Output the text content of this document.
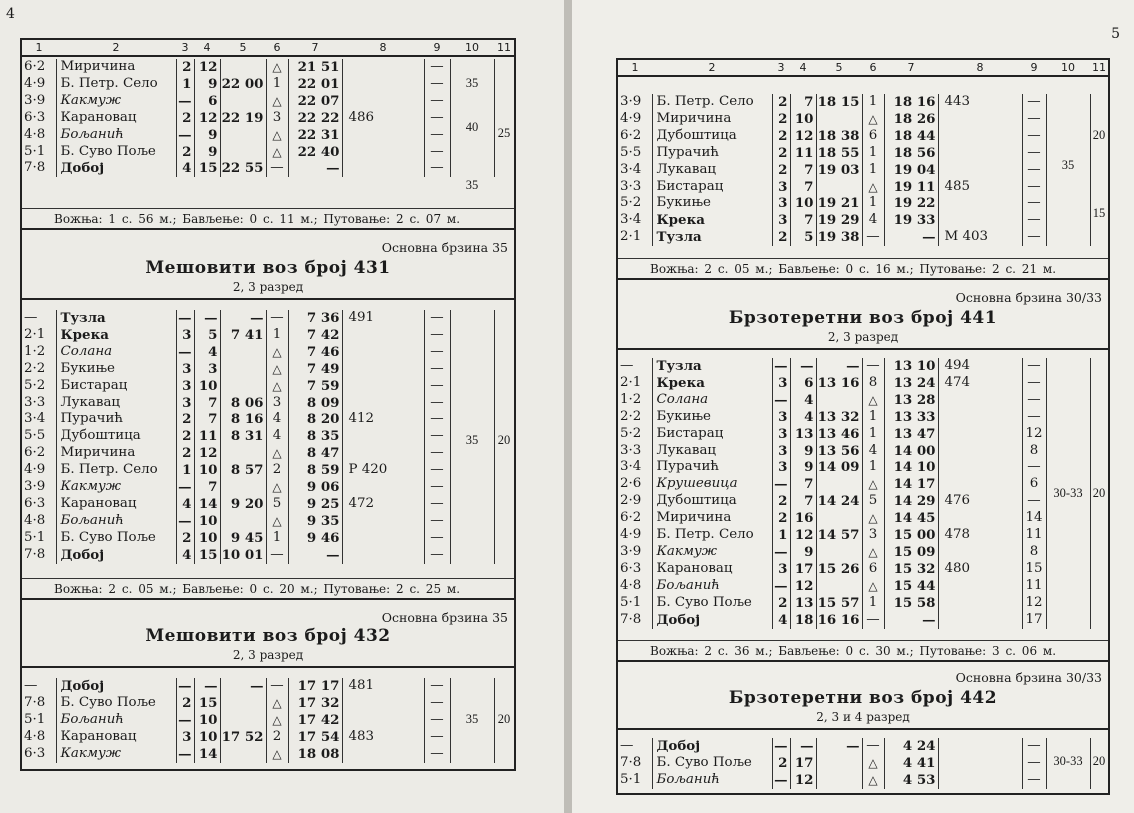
4
1	2	3	4	5	6	7	8	9	10	11
6·2	Миричина	2	12		△	21 51		—		
4·9	Б. Петр. Село	1	9	22 00	1	22 01		—		
3·9	Какмуж	—	6		△	22 07		—		
6·3	Карановац	2	12	22 19	3	22 22	486	—		
4·8	Бољанић	—	9		△	22 31		—		
5·1	Б. Суво Поље	2	9		△	22 40		—		
7·8	Добој	4	15	22 55	—	—		—		
35
40
35
25
Вожња: 1 с. 56 м.; Бављење: 0 с. 11 м.; Путовање: 2 с. 07 м.
Основна брзина 35
Мешовити воз број 431
2, 3 разред
—	Тузла	—	—	—	—	7 36	491	—		
2·1	Крека	3	5	7 41	1	7 42		—		
1·2	Солана	—	4		△	7 46		—		
2·2	Букиње	3	3		△	7 49		—		
5·2	Бистарац	3	10		△	7 59		—		
3·3	Лукавац	3	7	8 06	3	8 09		—		
3·4	Пурачић	2	7	8 16	4	8 20	412	—		
5·5	Дубоштица	2	11	8 31	4	8 35		—		
6·2	Миричина	2	12		△	8 47		—		
4·9	Б. Петр. Село	1	10	8 57	2	8 59	P 420	—		
3·9	Какмуж	—	7		△	9 06		—		
6·3	Карановац	4	14	9 20	5	9 25	472	—		
4·8	Бољанић	—	10		△	9 35		—		
5·1	Б. Суво Поље	2	10	9 45	1	9 46		—		
7·8	Добој	4	15	10 01	—	—		—		
35	20
Вожња: 2 с. 05 м.; Бављење: 0 с. 20 м.; Путовање: 2 с. 25 м.
Основна брзина 35
Мешовити воз број 432
2, 3 разред
—	Добој	—	—	—	—	17 17	481	—		
7·8	Б. Суво Поље	2	15		△	17 32		—		
5·1	Бољанић	—	10		△	17 42		—		
4·8	Карановац	3	10	17 52	2	17 54	483	—		
6·3	Какмуж	—	14		△	18 08		—		
35	20
5
1	2	3	4	5	6	7	8	9	10	11
3·9	Б. Петр. Село	2	7	18 15	1	18 16	443	—		
4·9	Миричина	2	10		△	18 26		—		
6·2	Дубоштица	2	12	18 38	6	18 44		—		
5·5	Пурачић	2	11	18 55	1	18 56		—		
3·4	Лукавац	2	7	19 03	1	19 04		—		
3·3	Бистарац	3	7		△	19 11	485	—		
5·2	Букиње	3	10	19 21	1	19 22		—		
3·4	Крека	3	7	19 29	4	19 33		—		
2·1	Тузла	2	5	19 38	—	—	M 403	—		
35
20
15
Вожња: 2 с. 05 м.; Бављење: 0 с. 16 м.; Путовање: 2 с. 21 м.
Основна брзина 30/33
Брзотеретни воз број 441
2, 3 разред
—	Тузла	—	—	—	—	13 10	494	—		
2·1	Крека	3	6	13 16	8	13 24	474	—		
1·2	Солана	—	4		△	13 28		—		
2·2	Букиње	3	4	13 32	1	13 33		—		
5·2	Бистарац	3	13	13 46	1	13 47		12		
3·3	Лукавац	3	9	13 56	4	14 00		8		
3·4	Пурачић	3	9	14 09	1	14 10		—		
2·6	Крушевица	—	7		△	14 17		6		
2·9	Дубоштица	2	7	14 24	5	14 29	476	—		
6·2	Миричина	2	16		△	14 45		14		
4·9	Б. Петр. Село	1	12	14 57	3	15 00	478	11		
3·9	Какмуж	—	9		△	15 09		8		
6·3	Карановац	3	17	15 26	6	15 32	480	15		
4·8	Бољанић	—	12		△	15 44		11		
5·1	Б. Суво Поље	2	13	15 57	1	15 58		12		
7·8	Добој	4	18	16 16	—	—		17		
30-33 20
Вожња: 2 с. 36 м.; Бављење: 0 с. 30 м.; Путовање: 3 с. 06 м.
Основна брзина 30/33
Брзотеретни воз број 442
2, 3 и 4 разред
—	Добој	—	—	—	—	4 24		—		
7·8	Б. Суво Поље	2	17		△	4 41		—		
5·1	Бољанић	—	12		△	4 53		—		
30-33 20
